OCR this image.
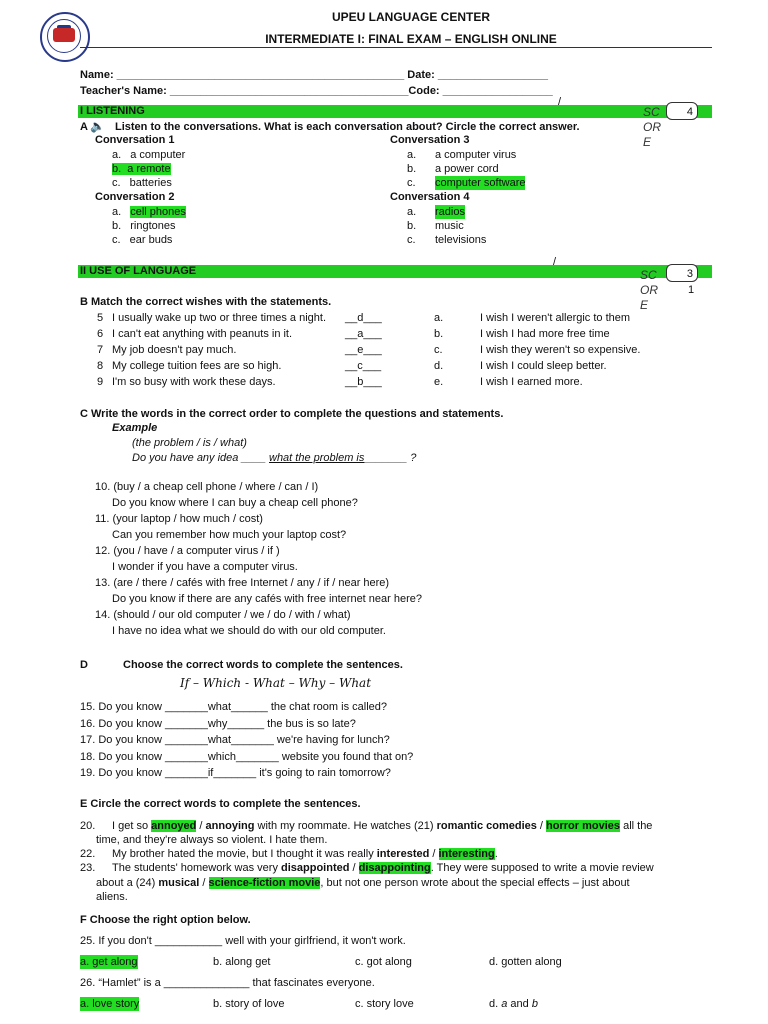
UPEU LANGUAGE CENTER
INTERMEDIATE I: FINAL EXAM – ENGLISH ONLINE
Name: _______________________________________________ Date: __________________
Teacher's Name: _______________________________________Code: __________________
I LISTENING
/
SC
OR
E
4
A 🔈 Listen to the conversations. What is each conversation about? Circle the correct answer.
Conversation 1
a. a computer
b. a remote
c. batteries
Conversation 2
a. cell phones
b. ringtones
c. ear buds
Conversation 3
a. a computer virus
b. a power cord
c. computer software
Conversation 4
a. radios
b. music
c. televisions
II USE OF LANGUAGE
/
SC
OR
E
3
1
B Match the correct wishes with the statements.
5 I usually wake up two or three times a night. __d___	a.	I wish I weren't allergic to them
6 I can't eat anything with peanuts in it.	__a___	b.	I wish I had more free time
7 My job doesn't pay much.	__e___	c.	I wish they weren't so expensive.
8 My college tuition fees are so high.	__c___	d.	I wish I could sleep better.
9 I'm so busy with work these days.	__b___	e.	I wish I earned more.
C Write the words in the correct order to complete the questions and statements.
Example
(the problem / is / what)
Do you have any idea ____ what the problem is_______ ?
10. (buy / a cheap cell phone / where / can / I)
Do you know where I can buy a cheap cell phone?
11. (your laptop / how much / cost)
Can you remember how much your laptop cost?
12. (you / have / a computer virus / if )
I wonder if you have a computer virus.
13. (are / there / cafés with free Internet / any / if / near here)
Do you know if there are any cafés with free internet near here?
14. (should / our old computer / we / do / with / what)
I have no idea what we should do with our old computer.
D	Choose the correct words to complete the sentences.
If – Which - What – Why – What
15. Do you know _______what______ the chat room is called?
16. Do you know _______why______ the bus is so late?
17. Do you know _______what_______ we're having for lunch?
18. Do you know _______which_______ website you found that on?
19. Do you know _______if_______ it's going to rain tomorrow?
E Circle the correct words to complete the sentences.
20. I get so annoyed / annoying with my roommate. He watches (21) romantic comedies / horror movies all the
time, and they're always so violent. I hate them.
22. My brother hated the movie, but I thought it was really interested / interesting.
23. The students' homework was very disappointed / disappointing. They were supposed to write a movie review
about a (24) musical / science-fiction movie, but not one person wrote about the special effects – just about
aliens.
F Choose the right option below.
25. If you don't ___________ well with your girlfriend, it won't work.
a. get along	b. along get	c. got along	d. gotten along
26. “Hamlet” is a ______________ that fascinates everyone.
a. love story	b. story of love	c. story love	d. a and b
